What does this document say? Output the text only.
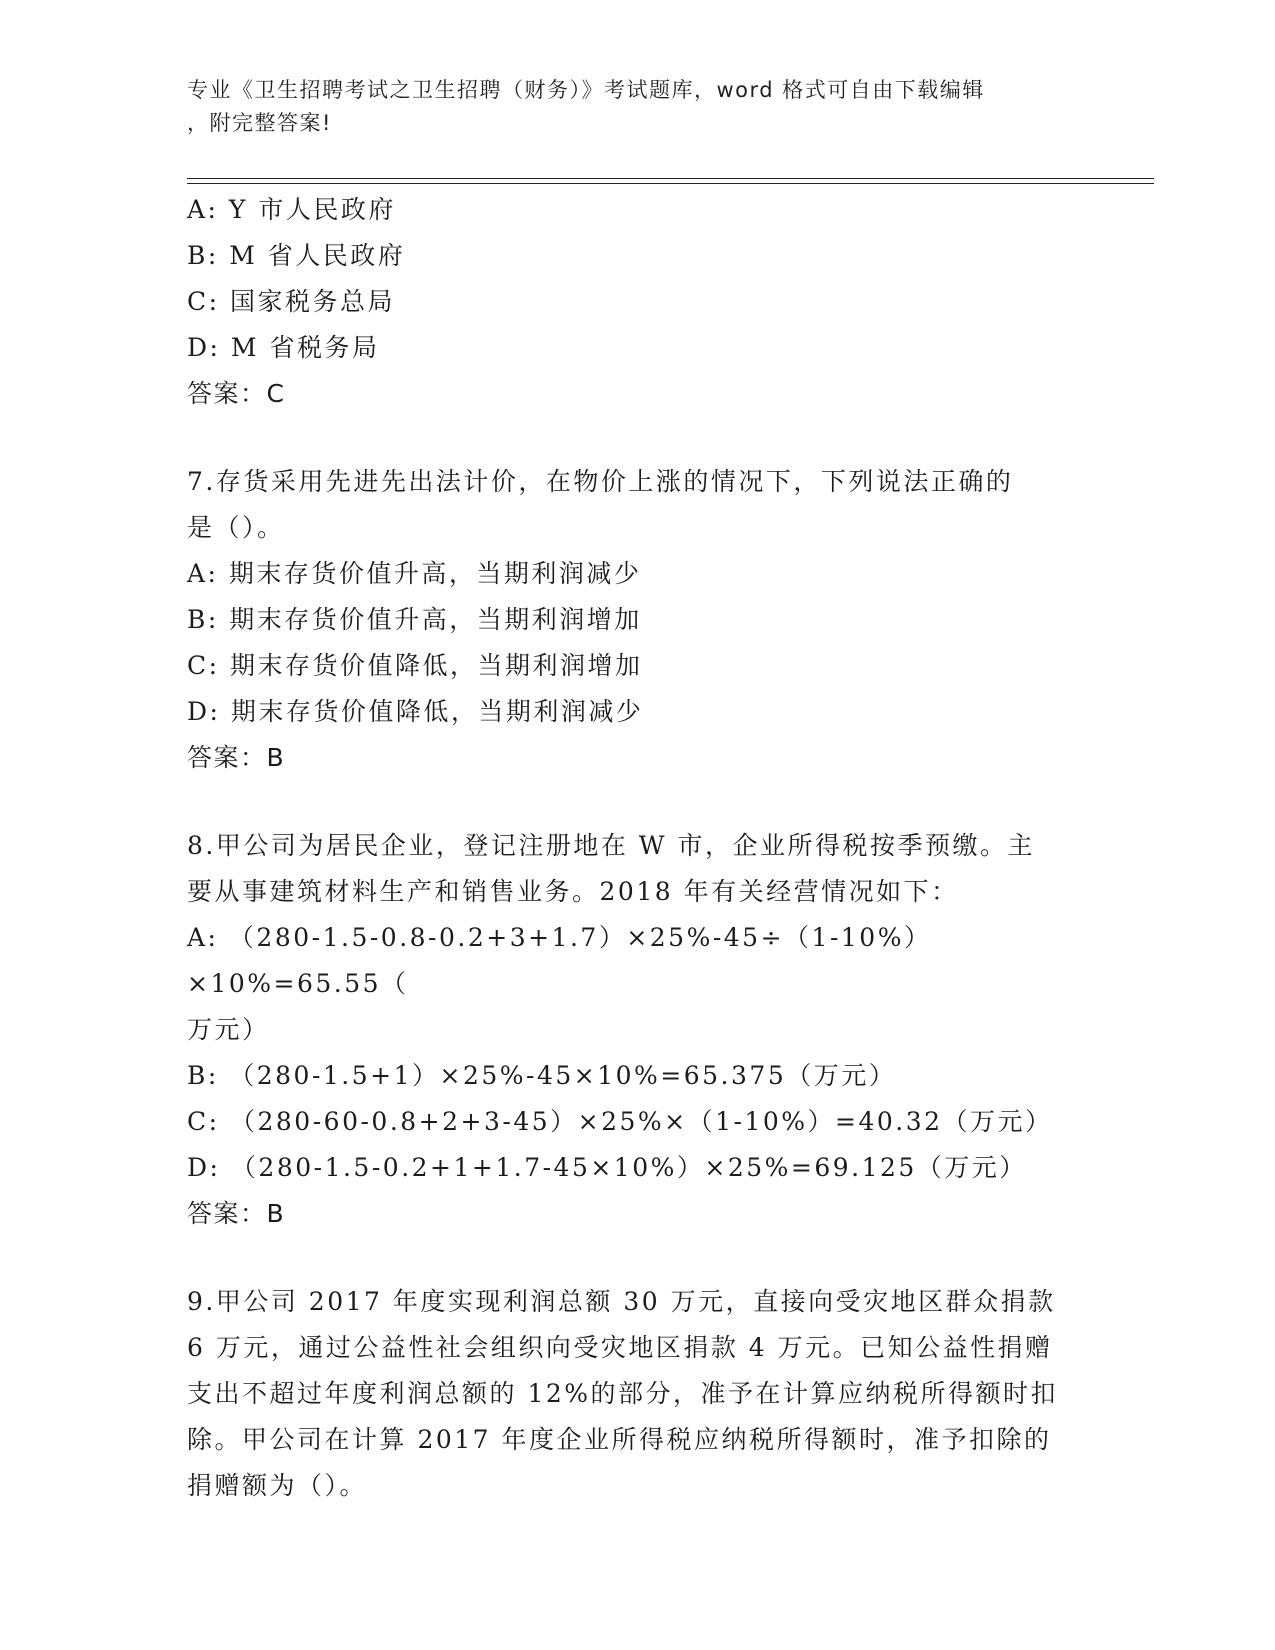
专业《卫生招聘考试之卫生招聘（财务）》考试题库，word 格式可自由下载编辑
，附完整答案!

A: Y 市人民政府

B: M 省人民政府

C: 国家税务总局

D: M 省税务局

答案：C

7.存货采用先进先出法计价，在物价上涨的情况下，下列说法正确的

是（）。

A: 期末存货价值升高，当期利润减少

B: 期末存货价值升高，当期利润增加

C: 期末存货价值降低，当期利润增加

D: 期末存货价值降低，当期利润减少

答案：B

8.甲公司为居民企业，登记注册地在 W 市，企业所得税按季预缴。主

要从事建筑材料生产和销售业务。2018 年有关经营情况如下：

A: （280-1.5-0.8-0.2+3+1.7）×25%-45÷（1-10%）×10%=65.55（

万元）

B: （280-1.5+1）×25%-45×10%=65.375（万元）

C: （280-60-0.8+2+3-45）×25%×（1-10%）=40.32（万元）

D: （280-1.5-0.2+1+1.7-45×10%）×25%=69.125（万元）

答案：B

9.甲公司 2017 年度实现利润总额 30 万元，直接向受灾地区群众捐款

6 万元，通过公益性社会组织向受灾地区捐款 4 万元。已知公益性捐赠

支出不超过年度利润总额的 12%的部分，准予在计算应纳税所得额时扣

除。甲公司在计算 2017 年度企业所得税应纳税所得额时，准予扣除的

捐赠额为（）。
